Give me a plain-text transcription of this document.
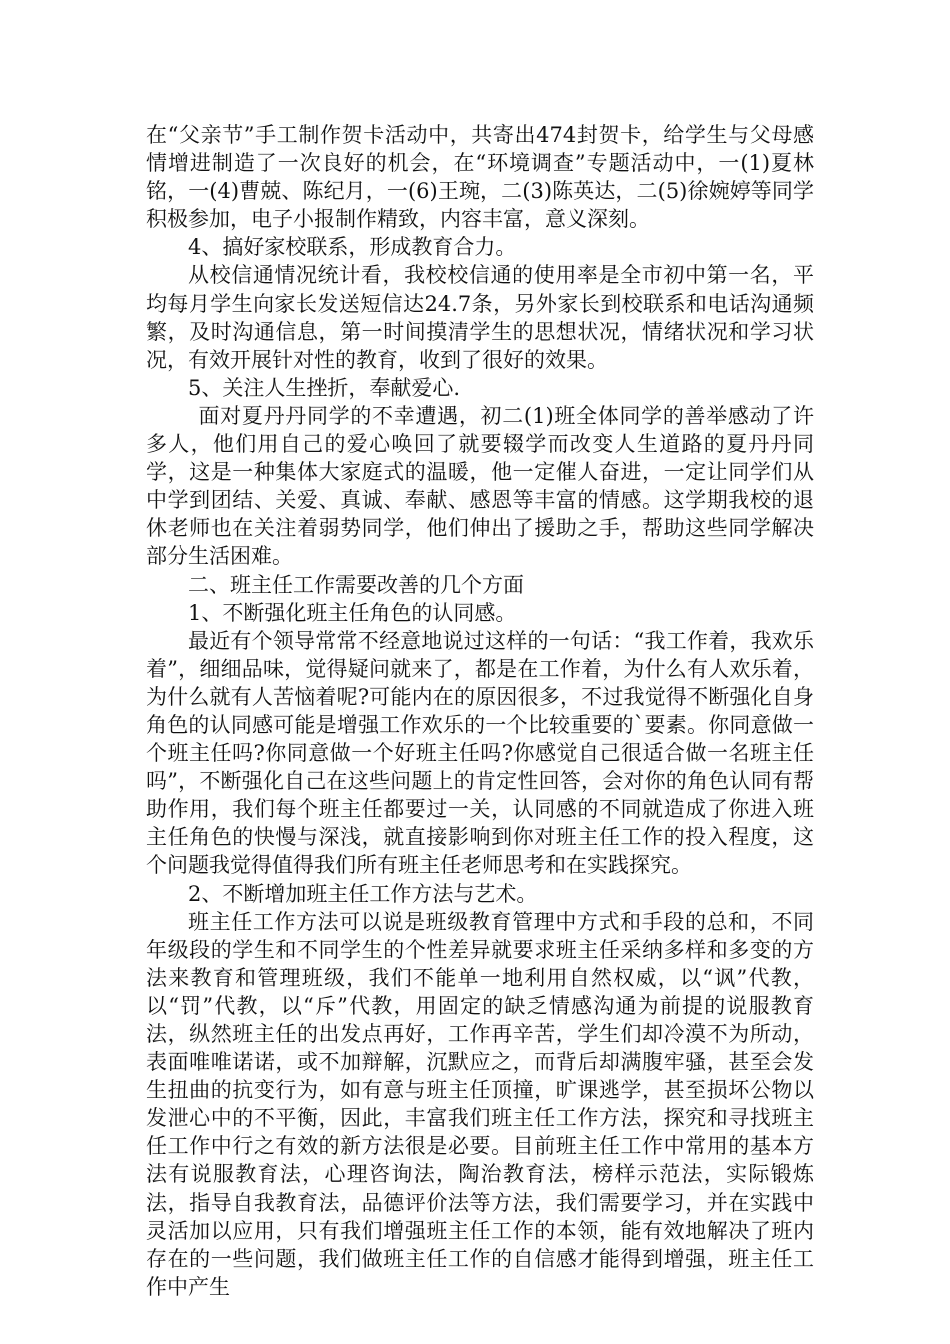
在“父亲节”手工制作贺卡活动中，共寄出474封贺卡，给学生与父母感情增进制造了一次良好的机会，在“环境调查”专题活动中，一(1)夏林铭，一(4)曹兢、陈纪月，一(6)王琬，二(3)陈英达，二(5)徐婉婷等同学积极参加，电子小报制作精致，内容丰富，意义深刻。

4、搞好家校联系，形成教育合力。

从校信通情况统计看，我校校信通的使用率是全市初中第一名，平均每月学生向家长发送短信达24.7条，另外家长到校联系和电话沟通频繁，及时沟通信息，第一时间摸清学生的思想状况，情绪状况和学习状况，有效开展针对性的教育，收到了很好的效果。

5、关注人生挫折，奉献爱心.

面对夏丹丹同学的不幸遭遇，初二(1)班全体同学的善举感动了许多人，他们用自己的爱心唤回了就要辍学而改变人生道路的夏丹丹同学，这是一种集体大家庭式的温暖，他一定催人奋进，一定让同学们从中学到团结、关爱、真诚、奉献、感恩等丰富的情感。这学期我校的退休老师也在关注着弱势同学，他们伸出了援助之手，帮助这些同学解决部分生活困难。

二、班主任工作需要改善的几个方面

1、不断强化班主任角色的认同感。

最近有个领导常常不经意地说过这样的一句话：“我工作着，我欢乐着”，细细品味，觉得疑问就来了，都是在工作着，为什么有人欢乐着，为什么就有人苦恼着呢?可能内在的原因很多，不过我觉得不断强化自身角色的认同感可能是增强工作欢乐的一个比较重要的`要素。你同意做一个班主任吗?你同意做一个好班主任吗?你感觉自己很适合做一名班主任吗”，不断强化自己在这些问题上的肯定性回答，会对你的角色认同有帮助作用，我们每个班主任都要过一关，认同感的不同就造成了你进入班主任角色的快慢与深浅，就直接影响到你对班主任工作的投入程度，这个问题我觉得值得我们所有班主任老师思考和在实践探究。

2、不断增加班主任工作方法与艺术。

班主任工作方法可以说是班级教育管理中方式和手段的总和，不同年级段的学生和不同学生的个性差异就要求班主任采纳多样和多变的方法来教育和管理班级，我们不能单一地利用自然权威，以“讽”代教，以“罚”代教，以“斥”代教，用固定的缺乏情感沟通为前提的说服教育法，纵然班主任的出发点再好，工作再辛苦，学生们却冷漠不为所动，表面唯唯诺诺，或不加辩解，沉默应之，而背后却满腹牢骚，甚至会发生扭曲的抗变行为，如有意与班主任顶撞，旷课逃学，甚至损坏公物以发泄心中的不平衡，因此，丰富我们班主任工作方法，探究和寻找班主任工作中行之有效的新方法很是必要。目前班主任工作中常用的基本方法有说服教育法，心理咨询法，陶治教育法，榜样示范法，实际锻炼法，指导自我教育法，品德评价法等方法，我们需要学习，并在实践中灵活加以应用，只有我们增强班主任工作的本领，能有效地解决了班内存在的一些问题，我们做班主任工作的自信感才能得到增强，班主任工作中产生
